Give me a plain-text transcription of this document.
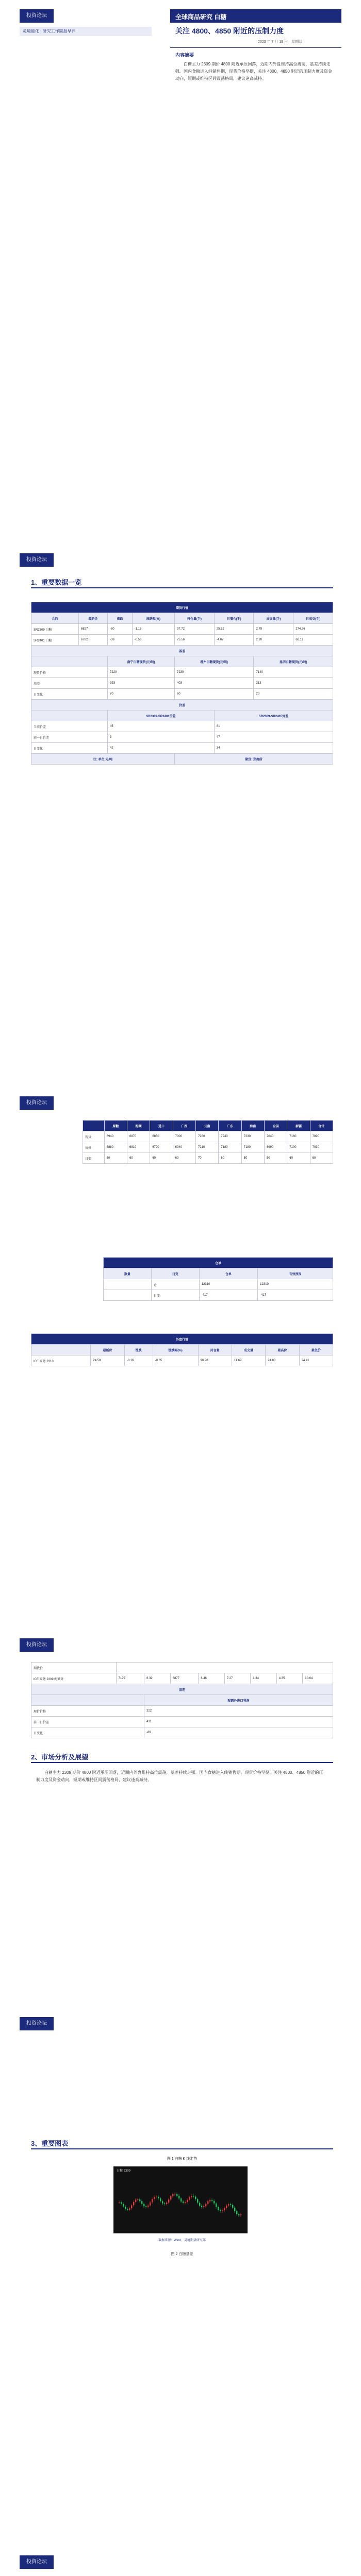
投资论坛
灵境能化 | 研究工作简报早评
全球商品研究 白糖
关注 4800、4850 附近的压制力度
2023 年 7 月 19 日　星期四
内容摘要
白糖主力 2309 期价 4800 附近承压回落，近期内外盘维持高位震荡，基差持续走强。国内食糖进入纯销售期，现货价格坚挺，关注 4800、4850 附近的压制力度及资金动向，短期或维持区间震荡格局，建议逢高减持。
投资论坛
1、重要数据一览
期货行情							
合约	最新价	涨跌	涨跌幅(%)	持仓量(手)	日增仓(手)	成交量(手)	日成交(手)
SR2309 白糖	6827	-80	-1.16	97.72	25.62	2.79	274.26
SR2401 白糖	6782	-38	-0.56	75.56	-4.07	2.20	68.11
基差							
		南宁白糖现货(元/吨)		柳州白糖现货(元/吨)		昆明白糖现货(元/吨)	
现货价格		7220		7230		7140	
基差		393		403		313	
日变化		70		60		20	
价差							
		SR2309-SR2401价差			SR2309-SR2405价差		
当前价差		45			81		
前一日价差		3			47		
日变化		42			34		
注: 单位 元/吨				期货: 郑商所			
投资论坛
	原糖	配额	进口	广西	云南	广东	海南	全国	新疆	合计
现货	6940	6870	6850	7000	7280	7240	7230	7040	7160	7090
价格	6880	6810	6790	6940	7210	7180	7180	6990	7100	7030
日变	60	60	60	60	70	60	50	50	60	60
仓单			
数量	日变	仓单	有效预报
	仓	12310	12310
	日变	-417	-417
外盘行情							
	最新价	涨跌	涨跌幅(%)	持仓量	成交量	最高价	最低价
ICE 原糖 2310	24.58	-0.16	-0.65	96.98	11.69	24.80	24.41
投资论坛
期货价								
ICE 原糖 2309 配额外	7199	6.32	6877	6.46	7.27	1.34	4.35	10.64
基差								
		配额外进口利润						
现价价格		322						
前一日价差		411						
日变化		-89						
2、市场分析及展望
白糖主力 2309 期价 4800 附近承压回落，近期内外盘维持高位震荡，基差持续走强。国内食糖进入纯销售期，现货价格坚挺，关注 4800、4850 附近的压制力度及资金动向，短期或维持区间震荡格局，建议逢高减持。
投资论坛
3、重要图表
图 1 白糖 K 线走势
白糖 2309
数据来源：Wind、灵境期货研究部
图 2 白糖基差
投资论坛
